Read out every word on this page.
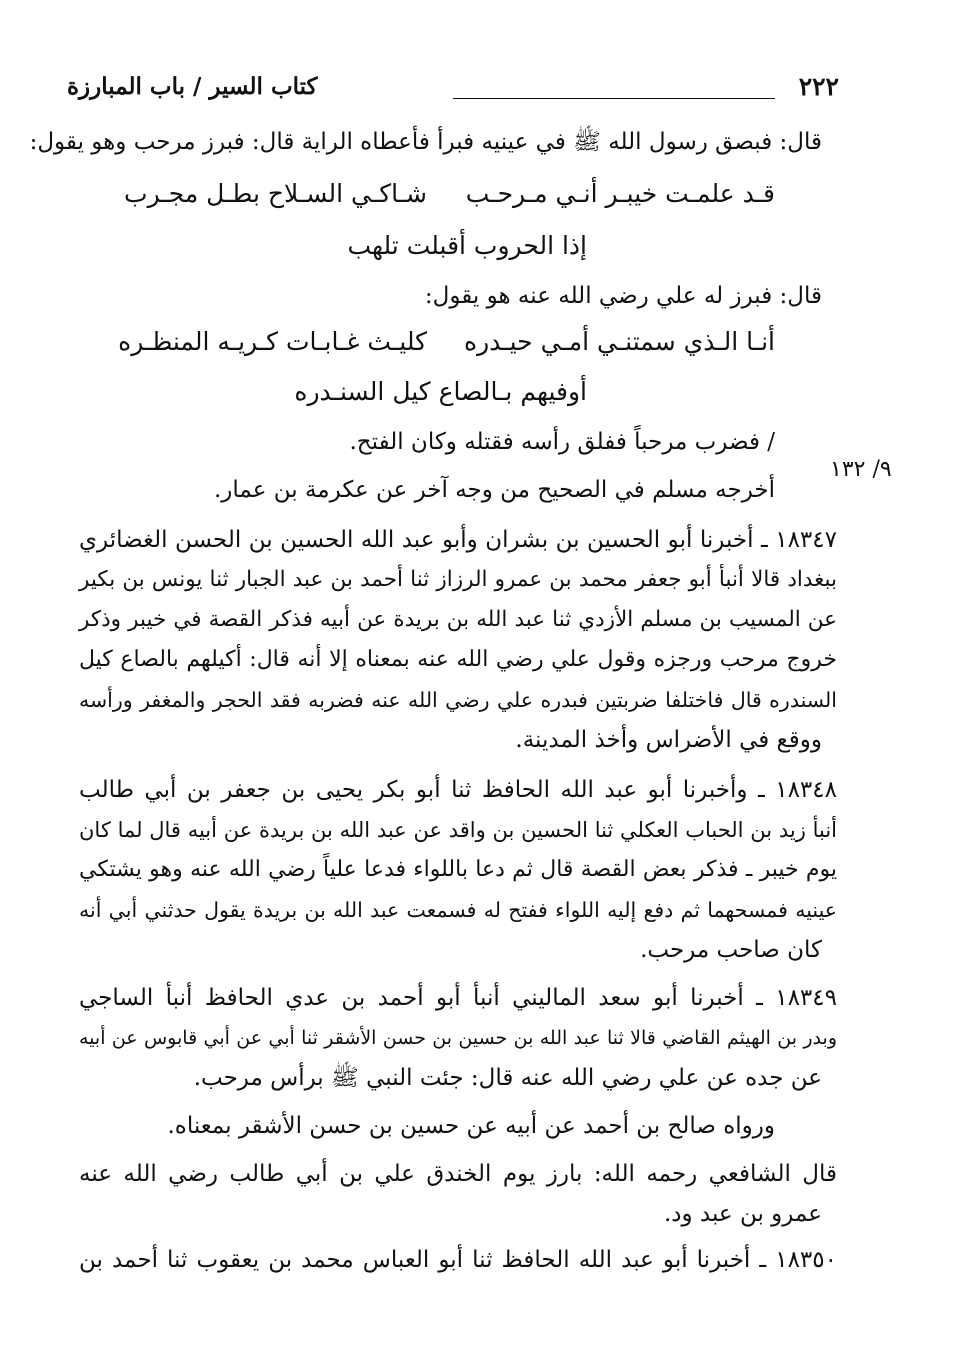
٢٢٢
كتاب السير / باب المبارزة
٩/ ١٣٢
قال: فبصق رسول الله ﷺ في عينيه فبرأ فأعطاه الراية قال: فبرز مرحب وهو يقول:
قـد علمـت خيبـر أنـي مـرحـب
شـاكـي السـلاح بطـل مجـرب
إذا الحروب أقبلت تلهب
قال: فبرز له علي رضي الله عنه هو يقول:
أنـا الـذي سمتنـي أمـي حيـدره
كليـث غـابـات كـريـه المنظـره
أوفيهم بـالصاع كيل السنـدره
/ فضرب مرحباً ففلق رأسه فقتله وكان الفتح.
أخرجه مسلم في الصحيح من وجه آخر عن عكرمة بن عمار.
١٨٣٤٧ ـ أخبرنا أبو الحسين بن بشران وأبو عبد الله الحسين بن الحسن الغضائري
ببغداد قالا أنبأ أبو جعفر محمد بن عمرو الرزاز ثنا أحمد بن عبد الجبار ثنا يونس بن بكير
عن المسيب بن مسلم الأزدي ثنا عبد الله بن بريدة عن أبيه فذكر القصة في خيبر وذكر
خروج مرحب ورجزه وقول علي رضي الله عنه بمعناه إلا أنه قال: أكيلهم بالصاع كيل
السندره قال فاختلفا ضربتين فبدره علي رضي الله عنه فضربه فقد الحجر والمغفر ورأسه
ووقع في الأضراس وأخذ المدينة.
١٨٣٤٨ ـ وأخبرنا أبو عبد الله الحافظ ثنا أبو بكر يحيى بن جعفر بن أبي طالب
أنبأ زيد بن الحباب العكلي ثنا الحسين بن واقد عن عبد الله بن بريدة عن أبيه قال لما كان
يوم خيبر ـ فذكر بعض القصة قال ثم دعا باللواء فدعا علياً رضي الله عنه وهو يشتكي
عينيه فمسحهما ثم دفع إليه اللواء ففتح له فسمعت عبد الله بن بريدة يقول حدثني أبي أنه
كان صاحب مرحب.
١٨٣٤٩ ـ أخبرنا أبو سعد الماليني أنبأ أبو أحمد بن عدي الحافظ أنبأ الساجي
وبدر بن الهيثم القاضي قالا ثنا عبد الله بن حسين بن حسن الأشقر ثنا أبي عن أبي قابوس عن أبيه
عن جده عن علي رضي الله عنه قال: جئت النبي ﷺ برأس مرحب.
ورواه صالح بن أحمد عن أبيه عن حسين بن حسن الأشقر بمعناه.
قال الشافعي رحمه الله: بارز يوم الخندق علي بن أبي طالب رضي الله عنه
عمرو بن عبد ود.
١٨٣٥٠ ـ أخبرنا أبو عبد الله الحافظ ثنا أبو العباس محمد بن يعقوب ثنا أحمد بن
